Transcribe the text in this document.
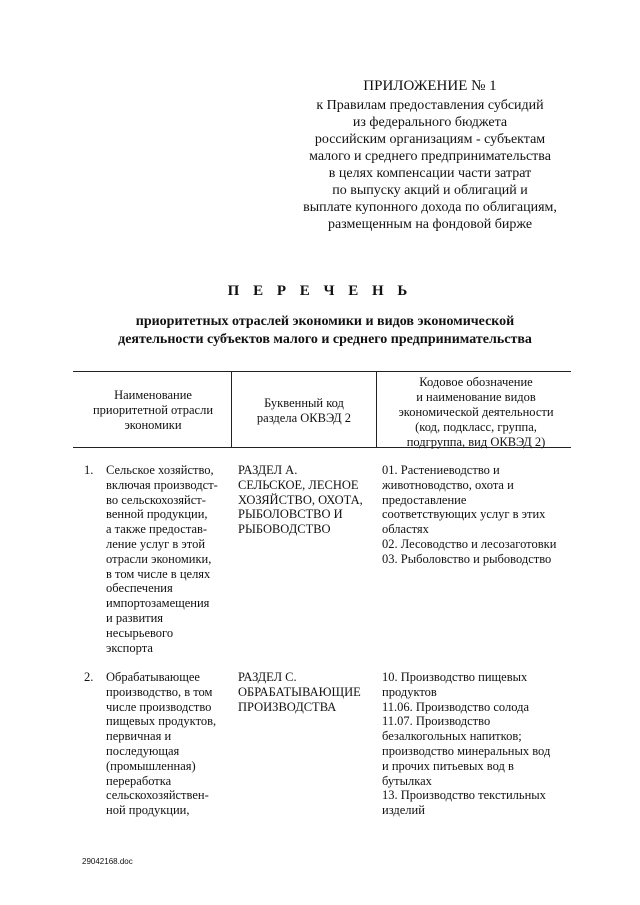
ПРИЛОЖЕНИЕ № 1
к Правилам предоставления субсидий
из федерального бюджета
российским организациям - субъектам
малого и среднего предпринимательства
в целях компенсации части затрат
по выпуску акций и облигаций и
выплате купонного дохода по облигациям,
размещенным на фондовой бирже
П Е Р Е Ч Е Н Ь
приоритетных отраслей экономики и видов экономической
деятельности субъектов малого и среднего предпринимательства
Наименование
приоритетной отрасли
экономики
Буквенный код
раздела ОКВЭД 2
Кодовое обозначение
и наименование видов
экономической деятельности
(код, подкласс, группа,
подгруппа, вид ОКВЭД 2)
1. Сельское хозяйство,
включая производст-
во сельскохозяйст-
венной продукции,
а также предостав-
ление услуг в этой
отрасли экономики,
в том числе в целях
обеспечения
импортозамещения
и развития
несырьевого
экспорта
РАЗДЕЛ А.
СЕЛЬСКОЕ, ЛЕСНОЕ
ХОЗЯЙСТВО, ОХОТА,
РЫБОЛОВСТВО И
РЫБОВОДСТВО
01. Растениеводство и
животноводство, охота и
предоставление
соответствующих услуг в этих
областях
02. Лесоводство и лесозаготовки
03. Рыболовство и рыбоводство
2. Обрабатывающее
производство, в том
числе производство
пищевых продуктов,
первичная и
последующая
(промышленная)
переработка
сельскохозяйствен-
ной продукции,
РАЗДЕЛ С.
ОБРАБАТЫВАЮЩИЕ
ПРОИЗВОДСТВА
10. Производство пищевых
продуктов
11.06. Производство солода
11.07. Производство
безалкогольных напитков;
производство минеральных вод
и прочих питьевых вод в
бутылках
13. Производство текстильных
изделий
29042168.doc
